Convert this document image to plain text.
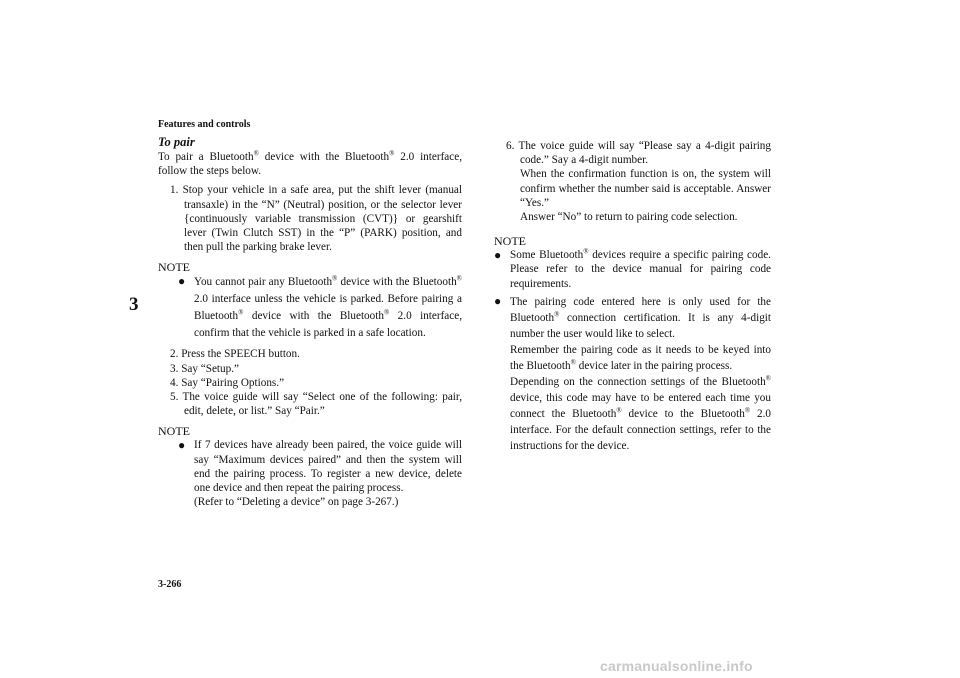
Features and controls
3
To pair

To pair a Bluetooth® device with the Bluetooth® 2.0 interface, follow the steps below.

1. Stop your vehicle in a safe area, put the shift lever (manual transaxle) in the “N” (Neutral) position, or the selector lever {continuously variable transmission (CVT)} or gearshift lever (Twin Clutch SST) in the “P” (PARK) position, and then pull the parking brake lever.

NOTE
● You cannot pair any Bluetooth® device with the Bluetooth® 2.0 interface unless the vehicle is parked. Before pairing a Bluetooth® device with the Bluetooth® 2.0 interface, confirm that the vehicle is parked in a safe location.

2. Press the SPEECH button.

3. Say “Setup.”

4. Say “Pairing Options.”

5. The voice guide will say “Select one of the following: pair, edit, delete, or list.” Say “Pair.”

NOTE
● If 7 devices have already been paired, the voice guide will say “Maximum devices paired” and then the system will end the pairing process. To register a new device, delete one device and then repeat the pairing process.
(Refer to “Deleting a device” on page 3-267.)

6. The voice guide will say “Please say a 4-digit pairing code.” Say a 4-digit number.

When the confirmation function is on, the system will confirm whether the number said is acceptable. Answer “Yes.”

Answer “No” to return to pairing code selection.

NOTE
● Some Bluetooth® devices require a specific pairing code. Please refer to the device manual for pairing code requirements.
● The pairing code entered here is only used for the Bluetooth® connection certification. It is any 4-digit number the user would like to select.
Remember the pairing code as it needs to be keyed into the Bluetooth® device later in the pairing process.
Depending on the connection settings of the Bluetooth® device, this code may have to be entered each time you connect the Bluetooth® device to the Bluetooth® 2.0 interface. For the default connection settings, refer to the instructions for the device.
3-266
carmanualsonline.info
